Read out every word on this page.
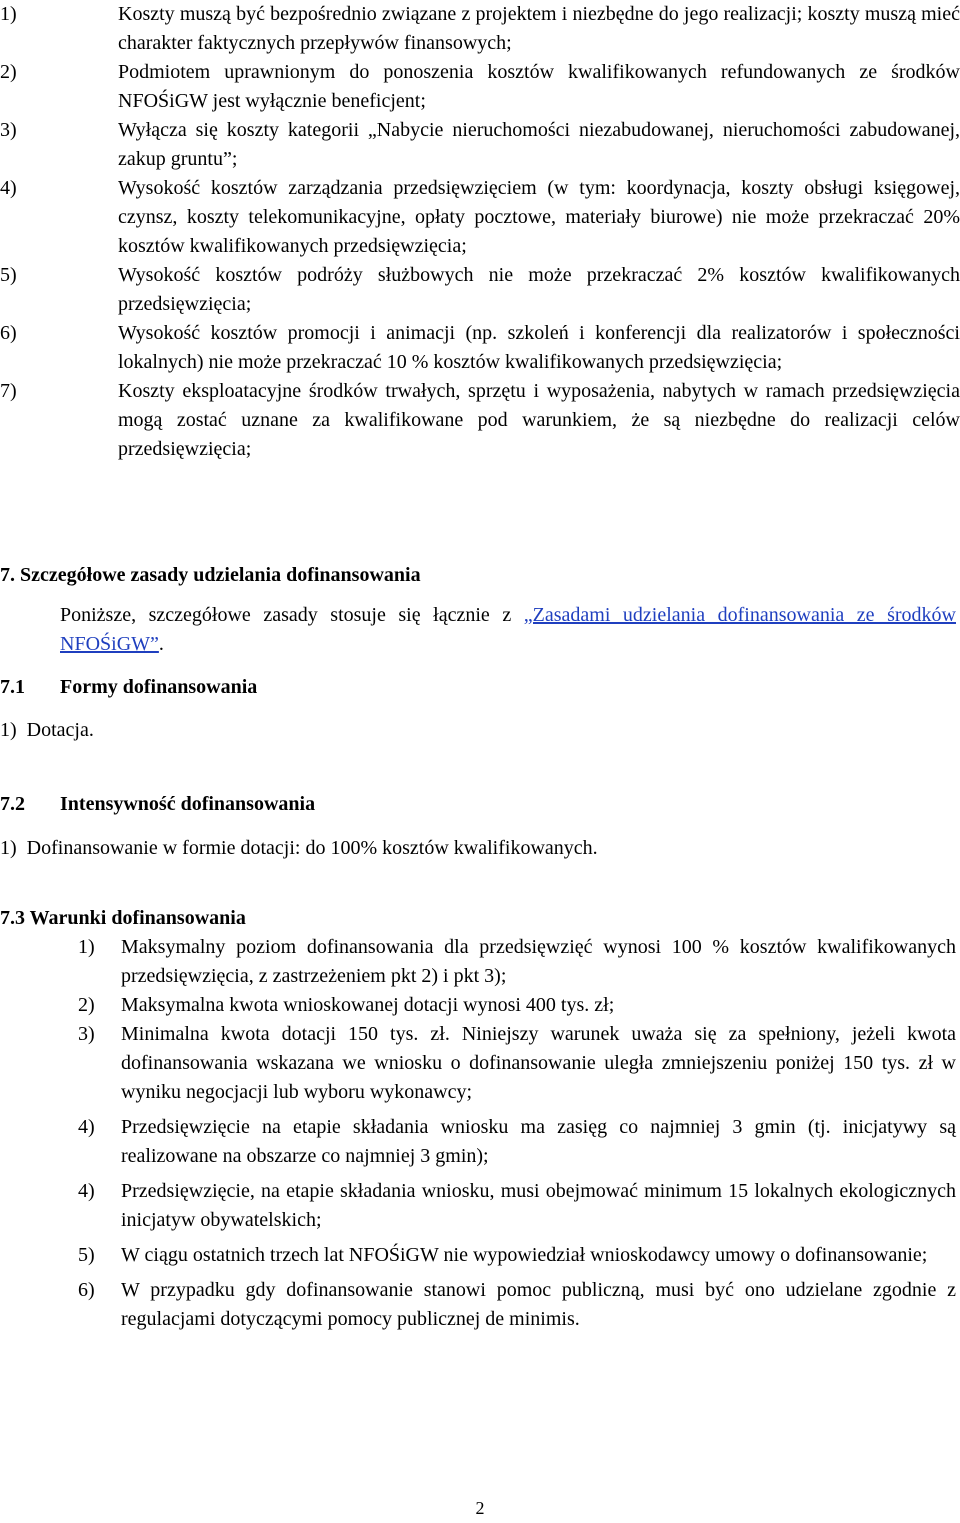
1)	Koszty muszą być bezpośrednio związane z projektem i niezbędne do jego realizacji; koszty muszą mieć charakter faktycznych przepływów finansowych;
2)	Podmiotem uprawnionym do ponoszenia kosztów kwalifikowanych refundowanych ze środków NFOŚiGW jest wyłącznie beneficjent;
3)	Wyłącza się koszty kategorii „Nabycie nieruchomości niezabudowanej, nieruchomości zabudowanej, zakup gruntu”;
4)	Wysokość kosztów zarządzania przedsięwzięciem (w tym: koordynacja, koszty obsługi księgowej, czynsz, koszty telekomunikacyjne, opłaty pocztowe, materiały biurowe) nie może przekraczać 20% kosztów kwalifikowanych przedsięwzięcia;
5)	Wysokość kosztów podróży służbowych nie może przekraczać 2% kosztów kwalifikowanych przedsięwzięcia;
6)	Wysokość kosztów promocji i animacji (np. szkoleń i konferencji dla realizatorów i społeczności lokalnych) nie może przekraczać 10 % kosztów kwalifikowanych przedsięwzięcia;
7)	Koszty eksploatacyjne środków trwałych, sprzętu i wyposażenia, nabytych w ramach przedsięwzięcia mogą zostać uznane za kwalifikowane pod warunkiem, że są niezbędne do realizacji celów przedsięwzięcia;
7. Szczegółowe zasady udzielania dofinansowania
Poniższe, szczegółowe zasady stosuje się łącznie z „Zasadami udzielania dofinansowania ze środków NFOŚiGW”.
7.1 Formy dofinansowania
1)  Dotacja.
7.2 Intensywność dofinansowania
1)  Dofinansowanie w formie dotacji: do 100% kosztów kwalifikowanych.
7.3 Warunki dofinansowania
1) Maksymalny poziom dofinansowania dla przedsięwzięć wynosi 100 % kosztów kwalifikowanych przedsięwzięcia, z zastrzeżeniem pkt 2) i pkt 3);
2) Maksymalna kwota wnioskowanej dotacji wynosi 400 tys. zł;
3) Minimalna kwota dotacji 150 tys. zł. Niniejszy warunek uważa się za spełniony, jeżeli kwota dofinansowania wskazana we wniosku o dofinansowanie uległa zmniejszeniu poniżej 150 tys. zł w wyniku negocjacji lub wyboru wykonawcy;
4) Przedsięwzięcie na etapie składania wniosku ma zasięg co najmniej 3 gmin (tj. inicjatywy są realizowane na obszarze co najmniej 3 gmin);
4) Przedsięwzięcie, na etapie składania wniosku, musi obejmować minimum 15 lokalnych ekologicznych inicjatyw obywatelskich;
5) W ciągu ostatnich trzech lat NFOŚiGW nie wypowiedział wnioskodawcy umowy o dofinansowanie;
6) W przypadku gdy dofinansowanie stanowi pomoc publiczną, musi być ono udzielane zgodnie z regulacjami dotyczącymi pomocy publicznej de minimis.
2
